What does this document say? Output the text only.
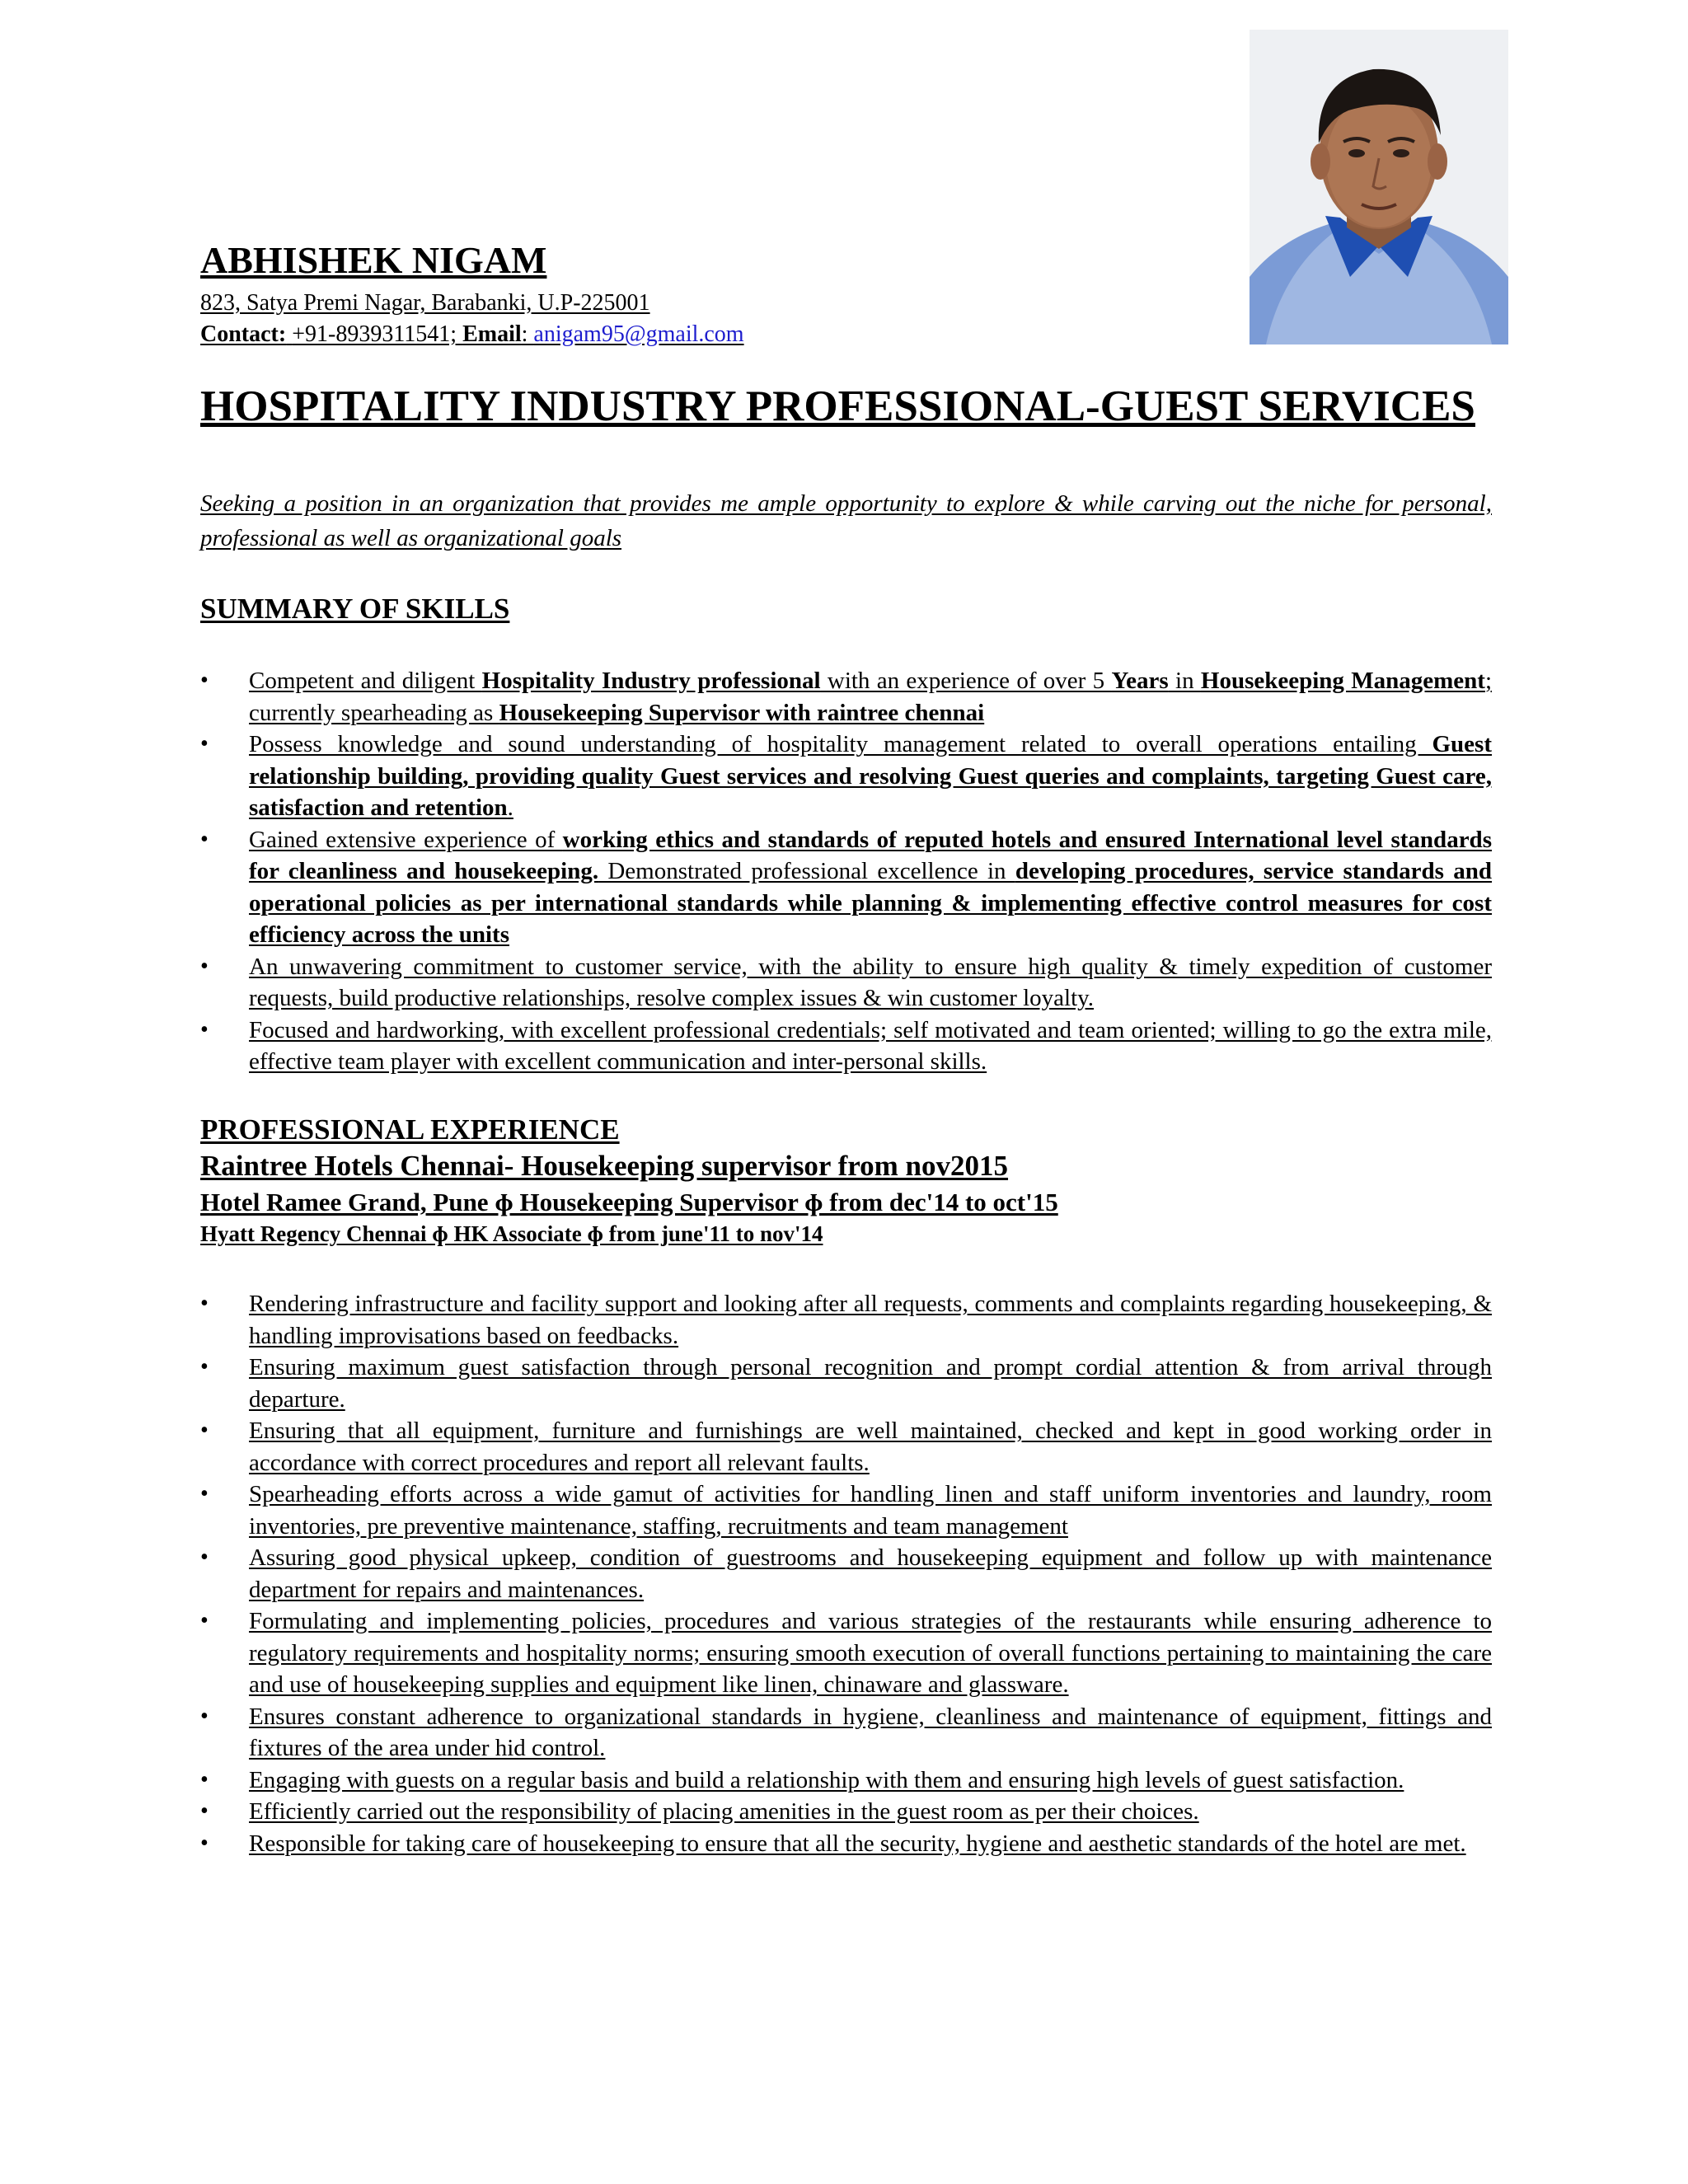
ABHISHEK NIGAM
823, Satya Premi Nagar, Barabanki, U.P-225001
Contact: +91-8939311541; Email: anigam95@gmail.com
HOSPITALITY INDUSTRY PROFESSIONAL-GUEST SERVICES
Seeking a position in an organization that provides me ample opportunity to explore & while carving out the niche for personal, professional as well as organizational goals
SUMMARY OF SKILLS
• Competent and diligent Hospitality Industry professional with an experience of over 5 Years in Housekeeping Management; currently spearheading as Housekeeping Supervisor with raintree chennai
• Possess knowledge and sound understanding of hospitality management related to overall operations entailing Guest relationship building, providing quality Guest services and resolving Guest queries and complaints, targeting Guest care, satisfaction and retention.
• Gained extensive experience of working ethics and standards of reputed hotels and ensured International level standards for cleanliness and housekeeping. Demonstrated professional excellence in developing procedures, service standards and operational policies as per international standards while planning & implementing effective control measures for cost efficiency across the units
• An unwavering commitment to customer service, with the ability to ensure high quality & timely expedition of customer requests, build productive relationships, resolve complex issues & win customer loyalty.
• Focused and hardworking, with excellent professional credentials; self motivated and team oriented; willing to go the extra mile, effective team player with excellent communication and inter-personal skills.
PROFESSIONAL EXPERIENCE
Raintree Hotels Chennai- Housekeeping supervisor from nov2015
Hotel Ramee Grand, Pune ɸ Housekeeping Supervisor ɸ from dec'14 to oct'15
Hyatt Regency Chennai ɸ HK Associate ɸ from june'11 to nov'14
• Rendering infrastructure and facility support and looking after all requests, comments and complaints regarding housekeeping, & handling improvisations based on feedbacks.
• Ensuring maximum guest satisfaction through personal recognition and prompt cordial attention & from arrival through departure.
• Ensuring that all equipment, furniture and furnishings are well maintained, checked and kept in good working order in accordance with correct procedures and report all relevant faults.
• Spearheading efforts across a wide gamut of activities for handling linen and staff uniform inventories and laundry, room inventories, pre preventive maintenance, staffing, recruitments and team management
• Assuring good physical upkeep, condition of guestrooms and housekeeping equipment and follow up with maintenance department for repairs and maintenances.
• Formulating and implementing policies, procedures and various strategies of the restaurants while ensuring adherence to regulatory requirements and hospitality norms; ensuring smooth execution of overall functions pertaining to maintaining the care and use of housekeeping supplies and equipment like linen, chinaware and glassware.
• Ensures constant adherence to organizational standards in hygiene, cleanliness and maintenance of equipment, fittings and fixtures of the area under hid control.
• Engaging with guests on a regular basis and build a relationship with them and ensuring high levels of guest satisfaction.
• Efficiently carried out the responsibility of placing amenities in the guest room as per their choices.
• Responsible for taking care of housekeeping to ensure that all the security, hygiene and aesthetic standards of the hotel are met.
